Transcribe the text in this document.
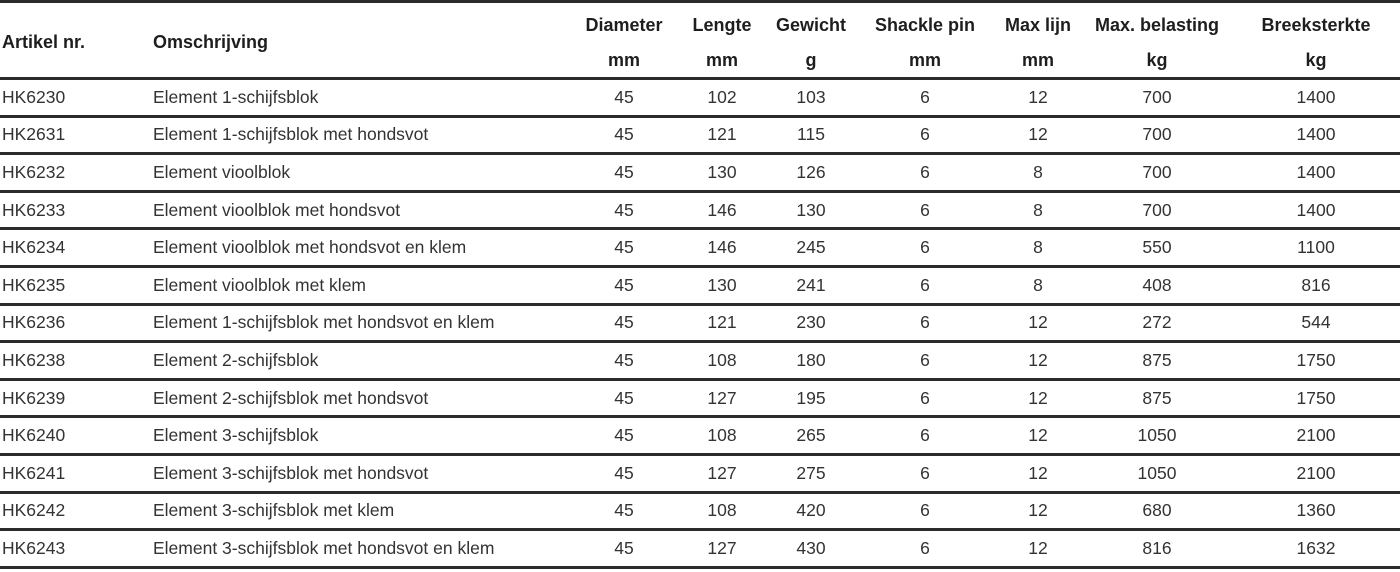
Artikel nr.	Omschrijving	Diameter	Lengte	Gewicht	Shackle pin	Max lijn	Max. belasting	Breeksterkte
		mm	mm	g	mm	mm	kg	kg
HK6230	Element 1-schijfsblok	45	102	103	6	12	700	1400
HK2631	Element 1-schijfsblok met hondsvot	45	121	115	6	12	700	1400
HK6232	Element vioolblok	45	130	126	6	8	700	1400
HK6233	Element vioolblok met hondsvot	45	146	130	6	8	700	1400
HK6234	Element vioolblok met hondsvot en klem	45	146	245	6	8	550	1100
HK6235	Element vioolblok met klem	45	130	241	6	8	408	816
HK6236	Element 1-schijfsblok met hondsvot en klem	45	121	230	6	12	272	544
HK6238	Element 2-schijfsblok	45	108	180	6	12	875	1750
HK6239	Element 2-schijfsblok met hondsvot	45	127	195	6	12	875	1750
HK6240	Element 3-schijfsblok	45	108	265	6	12	1050	2100
HK6241	Element 3-schijfsblok met hondsvot	45	127	275	6	12	1050	2100
HK6242	Element 3-schijfsblok met klem	45	108	420	6	12	680	1360
HK6243	Element 3-schijfsblok met hondsvot en klem	45	127	430	6	12	816	1632
